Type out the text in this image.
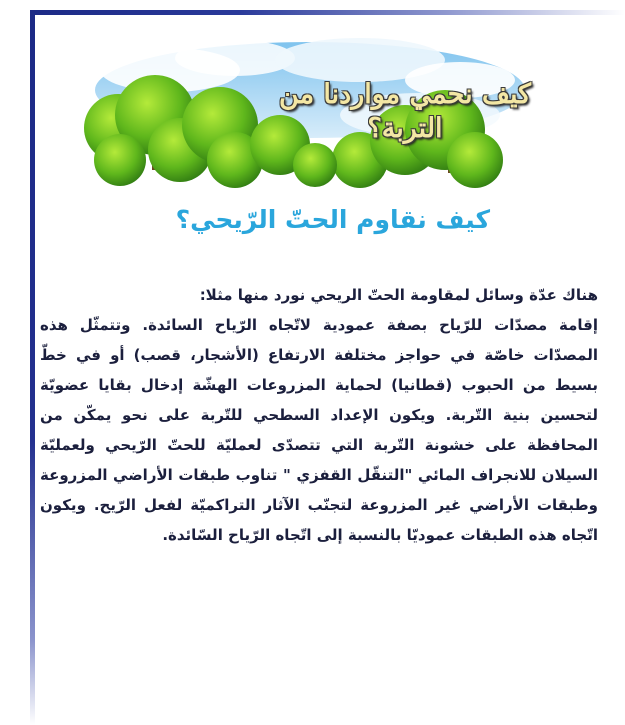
كيف نحمي مواردنا من التربة؟
كيف نقاوم الحتّ الرّيحي؟

هناك عدّة وسائل لمقاومة الحتّ الريحي نورد منها مثلا:

إقامة مصدّات للرّياح بصفة عمودية لاتّجاه الرّياح السائدة. وتتمثّل هذه المصدّات خاصّة في حواجز مختلفة الارتفاع (الأشجار، قصب) أو في خطّ بسيط من الحبوب (قطانيا) لحماية المزروعات الهشّة إدخال بقايا عضويّة لتحسين بنية التّربة. ويكون الإعداد السطحي للتّربة على نحو يمكّن من المحافظة على خشونة التّربة التي تتصدّى لعمليّة للحتّ الرّيحي ولعمليّة السيلان للانجراف المائي "التنقّل القفزي " تناوب طبقات الأراضي المزروعة وطبقات الأراضي غير المزروعة لتجنّب الآثار التراكميّة لفعل الرّيح. ويكون اتّجاه هذه الطبقات عموديّا بالنسبة إلى اتّجاه الرّياح السّائدة.
